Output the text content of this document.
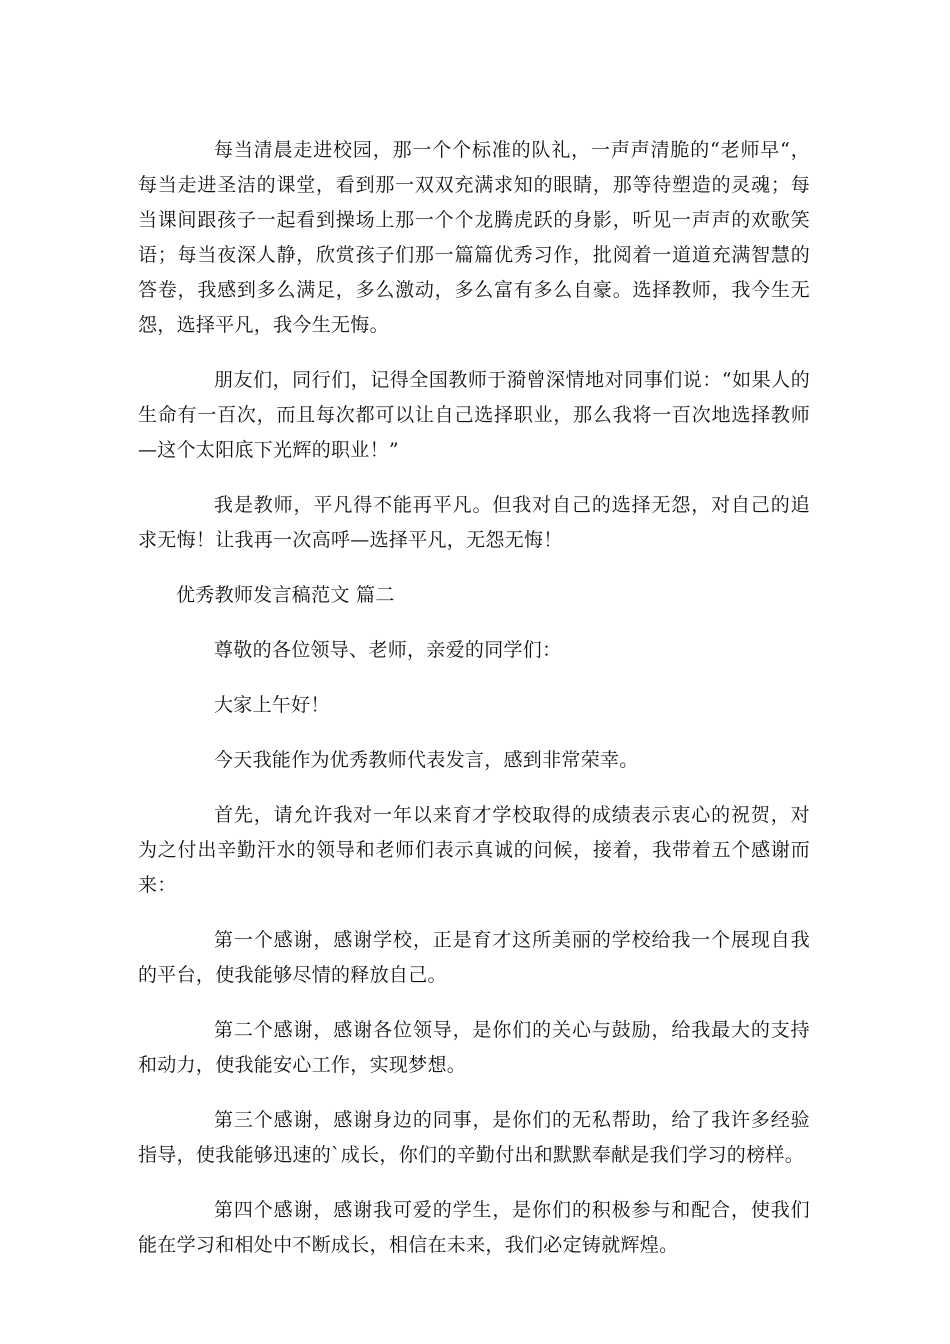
每当清晨走进校园，那一个个标准的队礼，一声声清脆的“老师早“，每当走进圣洁的课堂，看到那一双双充满求知的眼睛，那等待塑造的灵魂；每当课间跟孩子一起看到操场上那一个个龙腾虎跃的身影，听见一声声的欢歌笑语；每当夜深人静，欣赏孩子们那一篇篇优秀习作，批阅着一道道充满智慧的答卷，我感到多么满足，多么激动，多么富有多么自豪。选择教师，我今生无怨，选择平凡，我今生无悔。

朋友们，同行们，记得全国教师于漪曾深情地对同事们说：“如果人的生命有一百次，而且每次都可以让自己选择职业，那么我将一百次地选择教师—这个太阳底下光辉的职业！”

我是教师，平凡得不能再平凡。但我对自己的选择无怨，对自己的追求无悔！让我再一次高呼—选择平凡，无怨无悔！

优秀教师发言稿范文 篇二

尊敬的各位领导、老师，亲爱的同学们：

大家上午好！

今天我能作为优秀教师代表发言，感到非常荣幸。

首先，请允许我对一年以来育才学校取得的成绩表示衷心的祝贺，对为之付出辛勤汗水的领导和老师们表示真诚的问候，接着，我带着五个感谢而来：

第一个感谢，感谢学校，正是育才这所美丽的学校给我一个展现自我的平台，使我能够尽情的释放自己。

第二个感谢，感谢各位领导，是你们的关心与鼓励，给我最大的支持和动力，使我能安心工作，实现梦想。

第三个感谢，感谢身边的同事，是你们的无私帮助，给了我许多经验指导，使我能够迅速的`成长，你们的辛勤付出和默默奉献是我们学习的榜样。

第四个感谢，感谢我可爱的学生，是你们的积极参与和配合，使我们能在学习和相处中不断成长，相信在未来，我们必定铸就辉煌。
